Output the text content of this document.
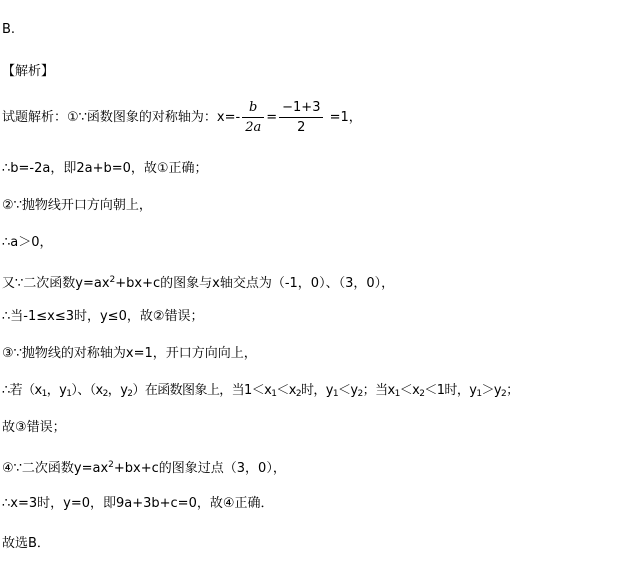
B.
【解析】
试题解析：①∵函数图象的对称轴为：$x=- \frac{b}{2a} = \frac{-1+3}{2} =1$，
∴b=-2a，即2a+b=0，故①正确；
②∵抛物线开口方向朝上，
∴a＞0，
又∵二次函数$y=ax^2+bx+c$的图象与x轴交点为（-1，0）、（3，0），
∴当-1≤x≤3时，y≤0，故②错误；
③∵抛物线的对称轴为x=1，开口方向向上，
∴若（$x_1$，$y_1$）、（$x_2$，$y_2$）在函数图象上，当$1<x_1<x_2$时，$y_1<y_2$；当$x_1<x_2<1$时，$y_1>y_2$；
故③错误；
④∵二次函数$y=ax^2+bx+c$的图象过点（3，0），
∴x=3时，y=0，即9a+3b+c=0，故④正确．
故选B．
